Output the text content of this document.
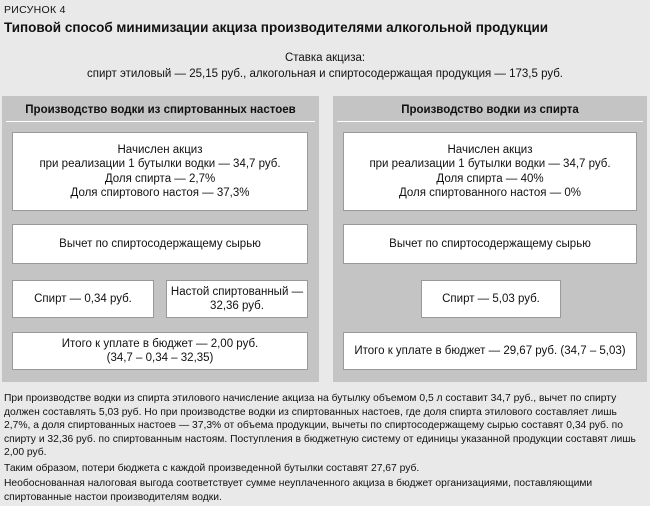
РИСУНОК 4
Типовой способ минимизации акциза производителями алкогольной продукции
Ставка акциза:
спирт этиловый — 25,15 руб., алкогольная и спиртосодержащая продукция — 173,5 руб.
Производство водки из спиртованных настоев
Начислен акциз
при реализации 1 бутылки водки — 34,7 руб.
Доля спирта — 2,7%
Доля спиртового настоя — 37,3%
Вычет по спиртосодержащему сырью
Спирт — 0,34 руб.
Настой спиртованный —
32,36 руб.
Итого к уплате в бюджет — 2,00 руб.
(34,7 – 0,34 – 32,35)
Производство водки из спирта
Начислен акциз
при реализации 1 бутылки водки — 34,7 руб.
Доля спирта — 40%
Доля спиртованного настоя — 0%
Вычет по спиртосодержащему сырью
Спирт — 5,03 руб.
Итого к уплате в бюджет — 29,67 руб. (34,7 – 5,03)

При производстве водки из спирта этилового начисление акциза на бутылку объемом 0,5 л составит 34,7 руб., вычет по спирту должен составлять 5,03 руб. Но при производстве водки из спиртованных настоев, где доля спирта этилового составляет лишь 2,7%, а доля спиртованных настоев — 37,3% от объема продукции, вычеты по спиртосодержащему сырью составят 0,34 руб. по спирту и 32,36 руб. по спиртованным настоям. Поступления в бюджетную систему от единицы указанной продукции составят лишь 2,00 руб.

Таким образом, потери бюджета с каждой произведенной бутылки составят 27,67 руб.

Необоснованная налоговая выгода соответствует сумме неуплаченного акциза в бюджет организациями, поставляющими спиртованные настои производителям водки.
